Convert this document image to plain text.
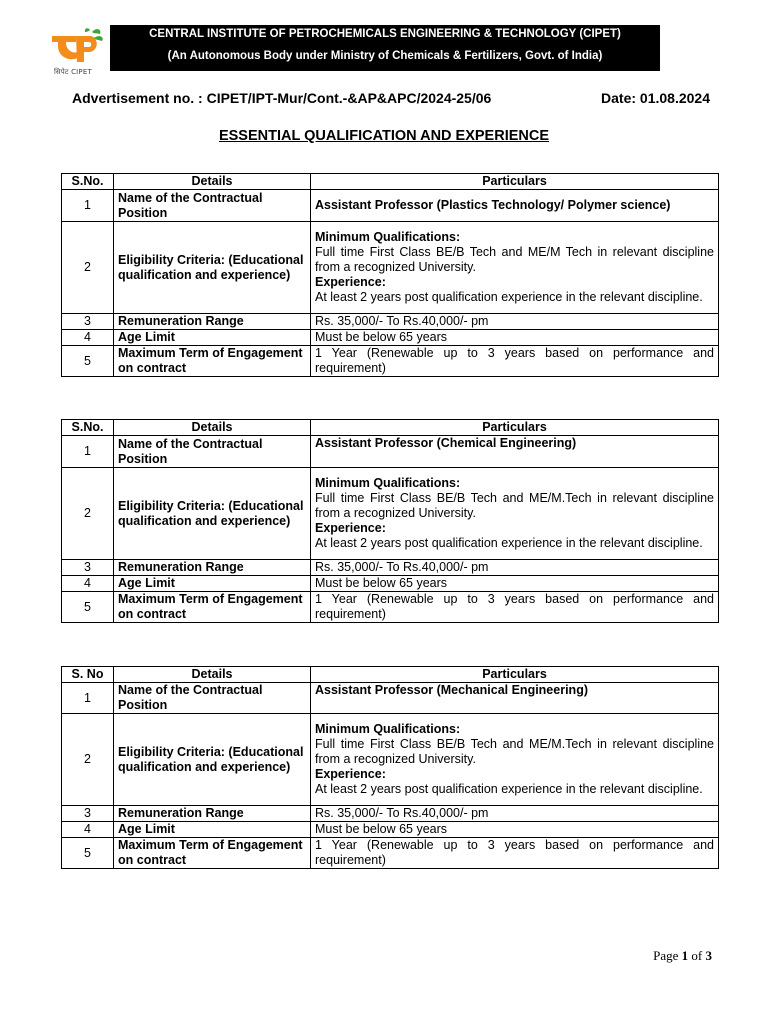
सिपेट CIPET
CENTRAL INSTITUTE OF PETROCHEMICALS ENGINEERING & TECHNOLOGY (CIPET)
(An Autonomous Body under Ministry of Chemicals & Fertilizers, Govt. of India)
Advertisement no. : CIPET/IPT-Mur/Cont.-&AP&APC/2024-25/06	Date: 01.08.2024
ESSENTIAL QUALIFICATION AND EXPERIENCE
S.No.	Details	Particulars
1	Name of the Contractual Position	Assistant Professor (Plastics Technology/ Polymer science)
2	Eligibility Criteria: (Educational qualification and experience)	Minimum Qualifications:
Full time First Class BE/B Tech and ME/M Tech in relevant discipline from a recognized University.
Experience:
At least 2 years post qualification experience in the relevant discipline.

3	Remuneration Range	Rs. 35,000/- To Rs.40,000/- pm
4	Age Limit	Must be below 65 years
5	Maximum Term of Engagement on contract	1 Year (Renewable up to 3 years based on performance and requirement)
S.No.	Details	Particulars
1	Name of the Contractual Position	Assistant Professor (Chemical Engineering)
2	Eligibility Criteria: (Educational qualification and experience)	Minimum Qualifications:
Full time First Class BE/B Tech and ME/M.Tech in relevant discipline from a recognized University.
Experience:
At least 2 years post qualification experience in the relevant discipline.

3	Remuneration Range	Rs. 35,000/- To Rs.40,000/- pm
4	Age Limit	Must be below 65 years
5	Maximum Term of Engagement on contract	1 Year (Renewable up to 3 years based on performance and requirement)
S. No	Details	Particulars
1	Name of the Contractual Position	Assistant Professor (Mechanical Engineering)
2	Eligibility Criteria: (Educational qualification and experience)	Minimum Qualifications:
Full time First Class BE/B Tech and ME/M.Tech in relevant discipline from a recognized University.
Experience:
At least 2 years post qualification experience in the relevant discipline.

3	Remuneration Range	Rs. 35,000/- To Rs.40,000/- pm
4	Age Limit	Must be below 65 years
5	Maximum Term of Engagement on contract	1 Year (Renewable up to 3 years based on performance and requirement)
Page 1 of 3
